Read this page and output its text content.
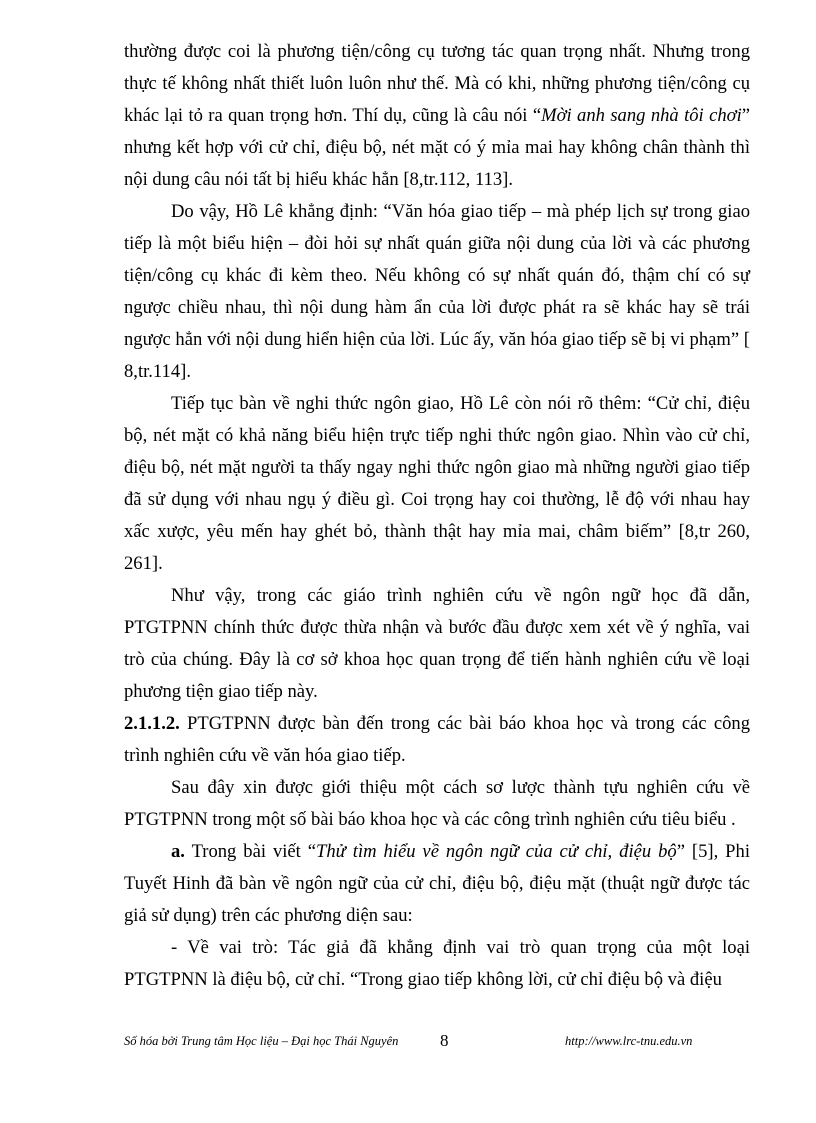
thường được coi là phương tiện/công cụ tương tác quan trọng nhất. Nhưng trong thực tế không nhất thiết luôn luôn như thế. Mà có khi, những phương tiện/công cụ khác lại tỏ ra quan trọng hơn. Thí dụ, cũng là câu nói “Mời anh sang nhà tôi chơi” nhưng kết hợp với cử chỉ, điệu bộ, nét mặt có ý mỉa mai hay không chân thành thì nội dung câu nói tất bị hiểu khác hẳn [8,tr.112, 113].

Do vậy, Hồ Lê khẳng định: “Văn hóa giao tiếp – mà phép lịch sự trong giao tiếp là một biểu hiện – đòi hỏi sự nhất quán giữa nội dung của lời và các phương tiện/công cụ khác đi kèm theo. Nếu không có sự nhất quán đó, thậm chí có sự ngược chiều nhau, thì nội dung hàm ẩn của lời được phát ra sẽ khác hay sẽ trái ngược hẳn với nội dung hiển hiện của lời. Lúc ấy, văn hóa giao tiếp sẽ bị vi phạm” [ 8,tr.114].

Tiếp tục bàn về nghi thức ngôn giao, Hồ Lê còn nói rõ thêm: “Cử chỉ, điệu bộ, nét mặt có khả năng biểu hiện trực tiếp nghi thức ngôn giao. Nhìn vào cử chỉ, điệu bộ, nét mặt người ta thấy ngay nghi thức ngôn giao mà những người giao tiếp đã sử dụng với nhau ngụ ý điều gì. Coi trọng hay coi thường, lễ độ với nhau hay xấc xược, yêu mến hay ghét bỏ, thành thật hay mỉa mai, châm biếm” [8,tr 260, 261].

Như vậy, trong các giáo trình nghiên cứu về ngôn ngữ học đã dẫn, PTGTPNN chính thức được thừa nhận và bước đầu được xem xét về ý nghĩa, vai trò của chúng. Đây là cơ sở khoa học quan trọng để tiến hành nghiên cứu về loại phương tiện giao tiếp này.

2.1.1.2. PTGTPNN được bàn đến trong các bài báo khoa học và trong các công trình nghiên cứu về văn hóa giao tiếp.

Sau đây xin được giới thiệu một cách sơ lược thành tựu nghiên cứu về PTGTPNN trong một số bài báo khoa học và các công trình nghiên cứu tiêu biểu .

a. Trong bài viết “Thử tìm hiểu về ngôn ngữ của cử chỉ, điệu bộ” [5], Phi Tuyết Hinh đã bàn về ngôn ngữ của cử chỉ, điệu bộ, điệu mặt (thuật ngữ được tác giả sử dụng) trên các phương diện sau:

- Về vai trò: Tác giả đã khẳng định vai trò quan trọng của một loại PTGTPNN là điệu bộ, cử chỉ. “Trong giao tiếp không lời, cử chỉ điệu bộ và điệu

Số hóa bởi Trung tâm Học liệu – Đại học Thái Nguyên 8	http://www.lrc-tnu.edu.vn
